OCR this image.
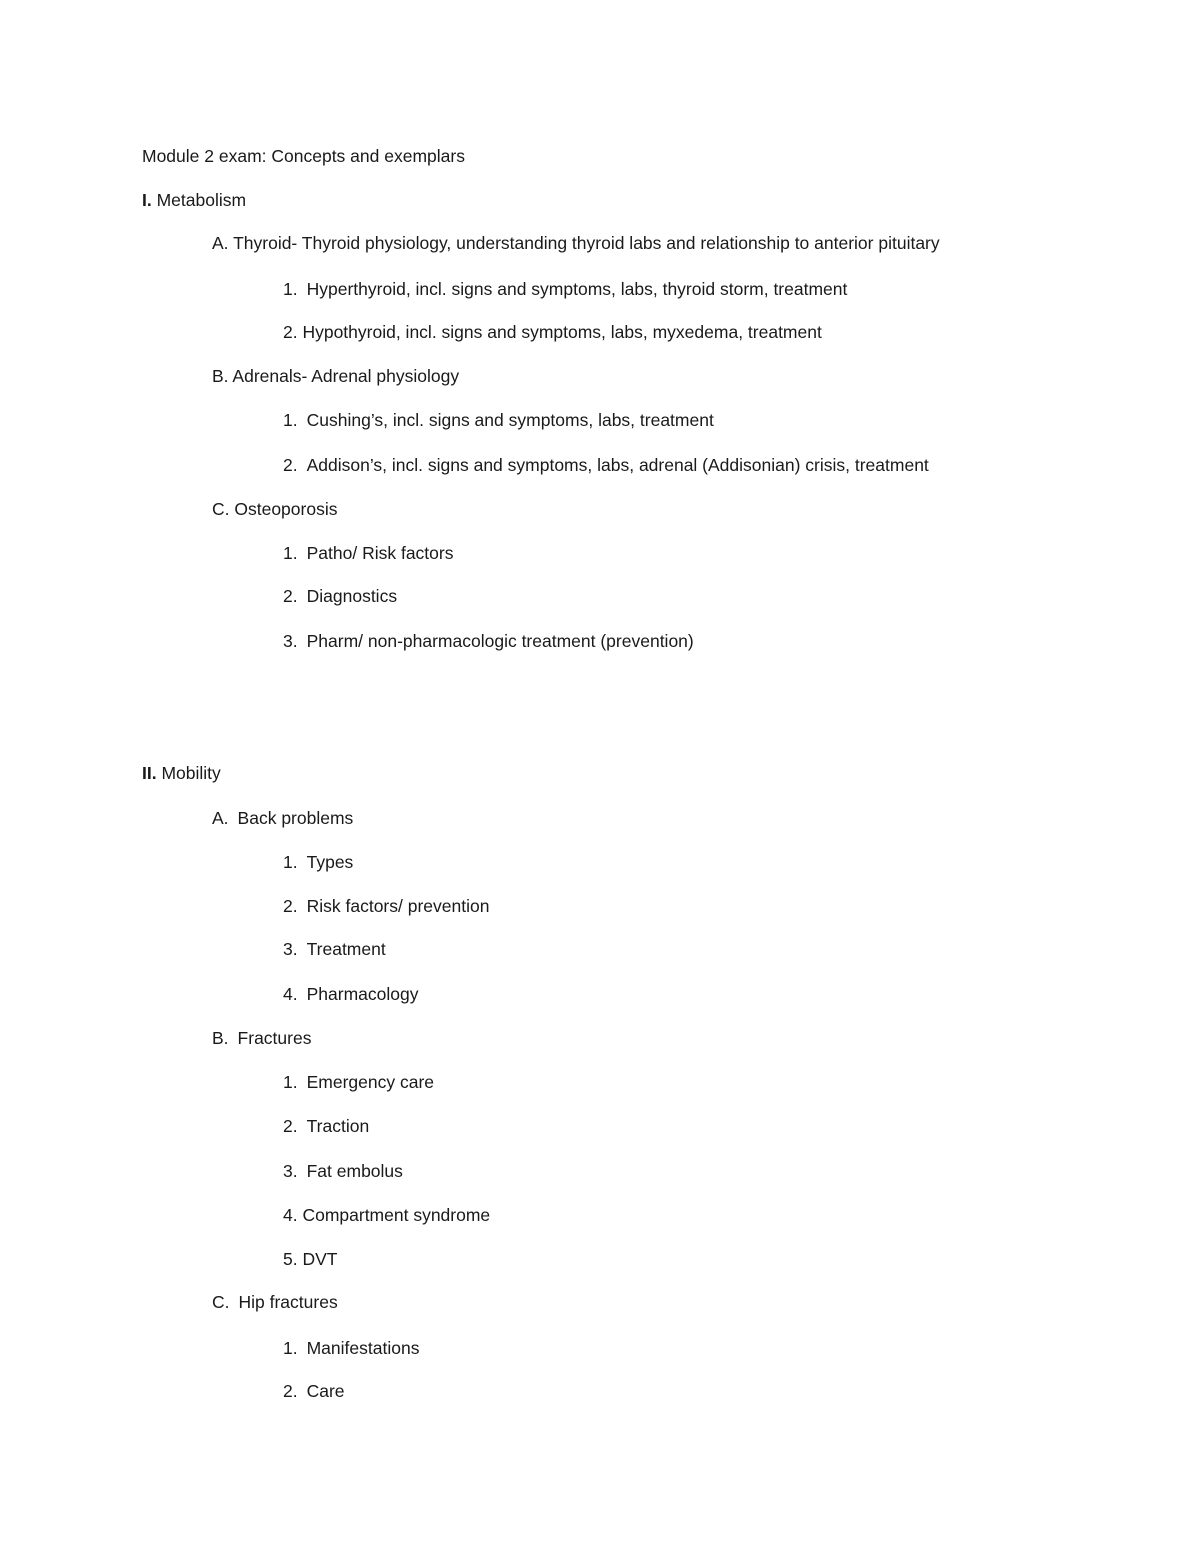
Module 2 exam: Concepts and exemplars
I. Metabolism
A. Thyroid- Thyroid physiology, understanding thyroid labs and relationship to anterior pituitary
1. Hyperthyroid, incl. signs and symptoms, labs, thyroid storm, treatment
2. Hypothyroid, incl. signs and symptoms, labs, myxedema, treatment
B. Adrenals- Adrenal physiology
1. Cushing’s, incl. signs and symptoms, labs, treatment
2. Addison’s, incl. signs and symptoms, labs, adrenal (Addisonian) crisis, treatment
C. Osteoporosis
1. Patho/ Risk factors
2. Diagnostics
3. Pharm/ non-pharmacologic treatment (prevention)
II. Mobility
A. Back problems
1. Types
2. Risk factors/ prevention
3. Treatment
4. Pharmacology
B. Fractures
1. Emergency care
2. Traction
3. Fat embolus
4. Compartment syndrome
5. DVT
C. Hip fractures
1. Manifestations
2. Care
